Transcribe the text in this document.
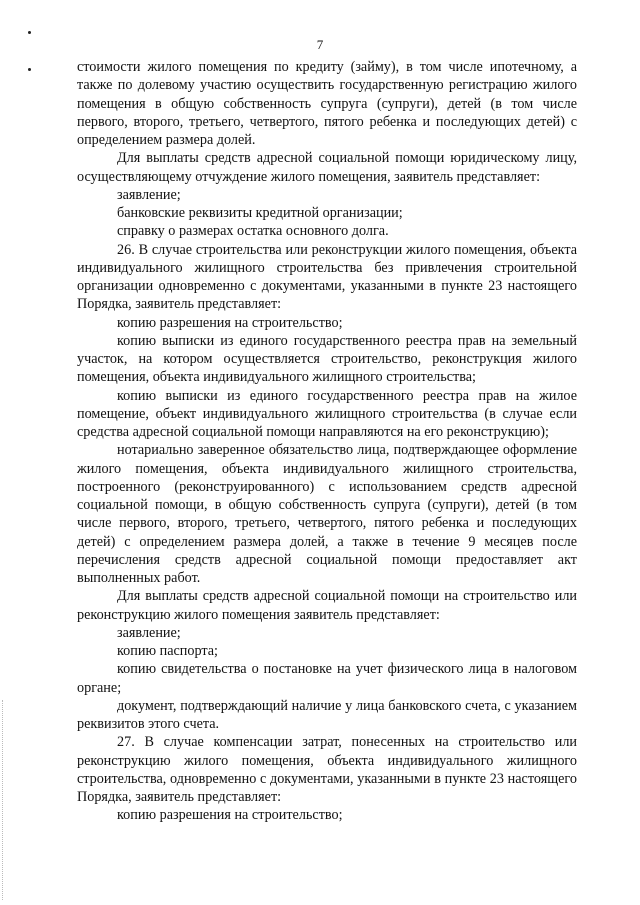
7

стоимости жилого помещения по кредиту (займу), в том числе ипотечному, а также по долевому участию осуществить государственную регистрацию жилого помещения в общую собственность супруга (супруги), детей (в том числе первого, второго, третьего, четвертого, пятого ребенка и последующих детей) с определением размера долей.

Для выплаты средств адресной социальной помощи юридическому лицу, осуществляющему отчуждение жилого помещения, заявитель представляет:

заявление;

банковские реквизиты кредитной организации;

справку о размерах остатка основного долга.

26. В случае строительства или реконструкции жилого помещения, объекта индивидуального жилищного строительства без привлечения строительной организации одновременно с документами, указанными в пункте 23 настоящего Порядка, заявитель представляет:

копию разрешения на строительство;

копию выписки из единого государственного реестра прав на земельный участок, на котором осуществляется строительство, реконструкция жилого помещения, объекта индивидуального жилищного строительства;

копию выписки из единого государственного реестра прав на жилое помещение, объект индивидуального жилищного строительства (в случае если средства адресной социальной помощи направляются на его реконструкцию);

нотариально заверенное обязательство лица, подтверждающее оформление жилого помещения, объекта индивидуального жилищного строительства, построенного (реконструированного) с использованием средств адресной социальной помощи, в общую собственность супруга (супруги), детей (в том числе первого, второго, третьего, четвертого, пятого ребенка и последующих детей) с определением размера долей, а также в течение 9 месяцев после перечисления средств адресной социальной помощи предоставляет акт выполненных работ.

Для выплаты средств адресной социальной помощи на строительство или реконструкцию жилого помещения заявитель представляет:

заявление;

копию паспорта;

копию свидетельства о постановке на учет физического лица в налоговом органе;

документ, подтверждающий наличие у лица банковского счета, с указанием реквизитов этого счета.

27. В случае компенсации затрат, понесенных на строительство или реконструкцию жилого помещения, объекта индивидуального жилищного строительства, одновременно с документами, указанными в пункте 23 настоящего Порядка, заявитель представляет:

копию разрешения на строительство;
